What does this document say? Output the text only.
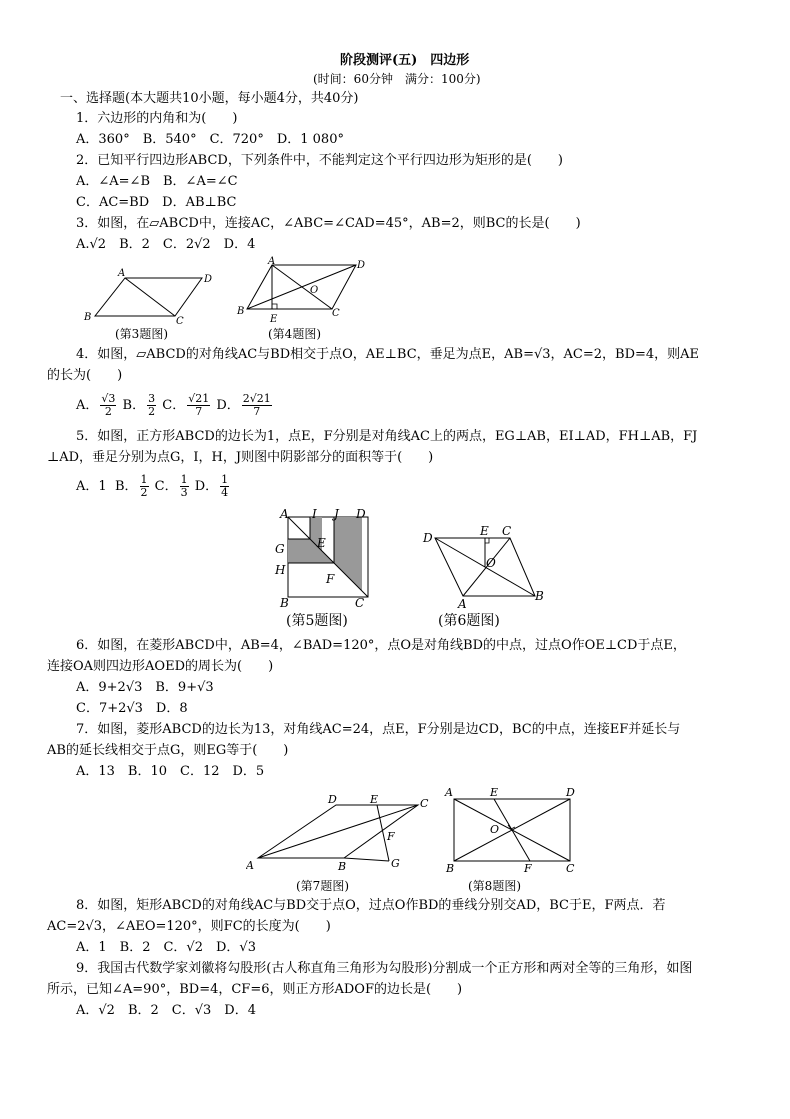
阶段测评(五)　四边形
(时间：60分钟　满分：100分)
一、选择题(本大题共10小题，每小题4分，共40分)
1．六边形的内角和为(　　)
A．360°　B．540°　C．720°　D．1 080°
2．已知平行四边形ABCD，下列条件中，不能判定这个平行四边形为矩形的是(　　)
A．∠A=∠B　B．∠A=∠C
C．AC=BD　D．AB⊥BC
3．如图，在▱ABCD中，连接AC，∠ABC=∠CAD=45°，AB=2，则BC的长是(　　)
A.√2　B．2　C．2√2　D．4
A
D
B	C
(第3题图)
A	D
O
B
E
C
(第4题图)
4．如图，▱ABCD的对角线AC与BD相交于点O，AE⊥BC，垂足为点E，AB=√3，AC=2，BD=4，则AE
的长为(　　)
A． $\frac{√3}{2}$ B． $\frac{3}{2}$ C． $\frac{√21}{7}$ D． $\frac{2√21}{7}$
5．如图，正方形ABCD的边长为1，点E，F分别是对角线AC上的两点，EG⊥AB，EI⊥AD，FH⊥AB，FJ
⊥AD，垂足分别为点G，I，H，J则图中阴影部分的面积等于(　　)
A．1 B． $\frac{1}{2}$ C． $\frac{1}{3}$ D． $\frac{1}{4}$
A I J D
G	E
H
F
B	C
(第5题图)
D	E C
O
A
B
(第6题图)
6．如图，在菱形ABCD中，AB=4，∠BAD=120°，点O是对角线BD的中点，过点O作OE⊥CD于点E，
连接OA则四边形AOED的周长为(　　)
A．9+2√3　B．9+√3
C．7+2√3　D．8
7．如图，菱形ABCD的边长为13，对角线AC=24，点E，F分别是边CD，BC的中点，连接EF并延长与
AB的延长线相交于点G，则EG等于(　　)
A．13　B．10　C．12　D．5
D	E	C
F
A	B	G
(第7题图)
A	E	D
O
B	F	C
(第8题图)
8．如图，矩形ABCD的对角线AC与BD交于点O，过点O作BD的垂线分别交AD，BC于E，F两点．若
AC=2√3，∠AEO=120°，则FC的长度为(　　)
A．1　B．2　C．√2　D．√3
9．我国古代数学家刘徽将勾股形(古人称直角三角形为勾股形)分割成一个正方形和两对全等的三角形，如图
所示，已知∠A=90°，BD=4，CF=6，则正方形ADOF的边长是(　　)
A．√2　B．2　C．√3　D．4
